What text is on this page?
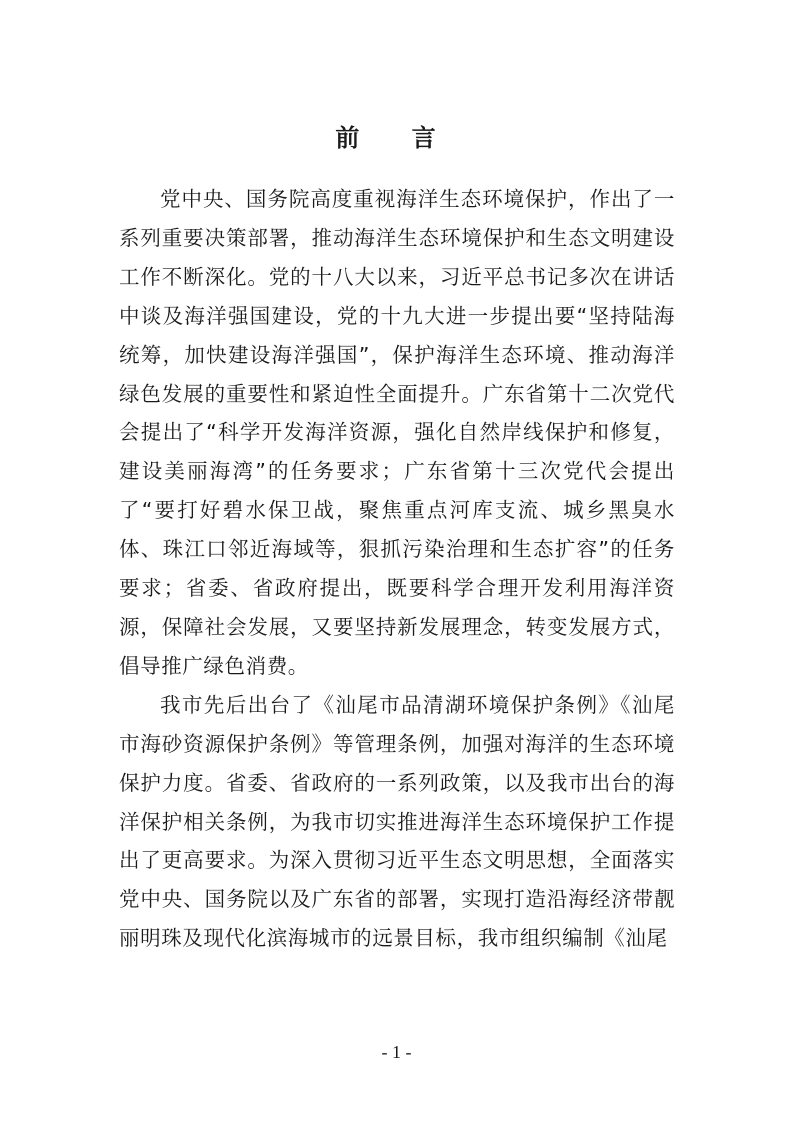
前 言

党中央、国务院高度重视海洋生态环境保护，作出了一系列重要决策部署，推动海洋生态环境保护和生态文明建设工作不断深化。党的十八大以来，习近平总书记多次在讲话中谈及海洋强国建设，党的十九大进一步提出要“坚持陆海统筹，加快建设海洋强国”，保护海洋生态环境、推动海洋绿色发展的重要性和紧迫性全面提升。广东省第十二次党代会提出了“科学开发海洋资源，强化自然岸线保护和修复，建设美丽海湾”的任务要求；广东省第十三次党代会提出了“要打好碧水保卫战，聚焦重点河库支流、城乡黑臭水体、珠江口邻近海域等，狠抓污染治理和生态扩容”的任务要求；省委、省政府提出，既要科学合理开发利用海洋资源，保障社会发展，又要坚持新发展理念，转变发展方式，倡导推广绿色消费。

我市先后出台了《汕尾市品清湖环境保护条例》《汕尾市海砂资源保护条例》等管理条例，加强对海洋的生态环境保护力度。省委、省政府的一系列政策，以及我市出台的海洋保护相关条例，为我市切实推进海洋生态环境保护工作提出了更高要求。为深入贯彻习近平生态文明思想，全面落实党中央、国务院以及广东省的部署，实现打造沿海经济带靓丽明珠及现代化滨海城市的远景目标，我市组织编制《汕尾

- 1 -
